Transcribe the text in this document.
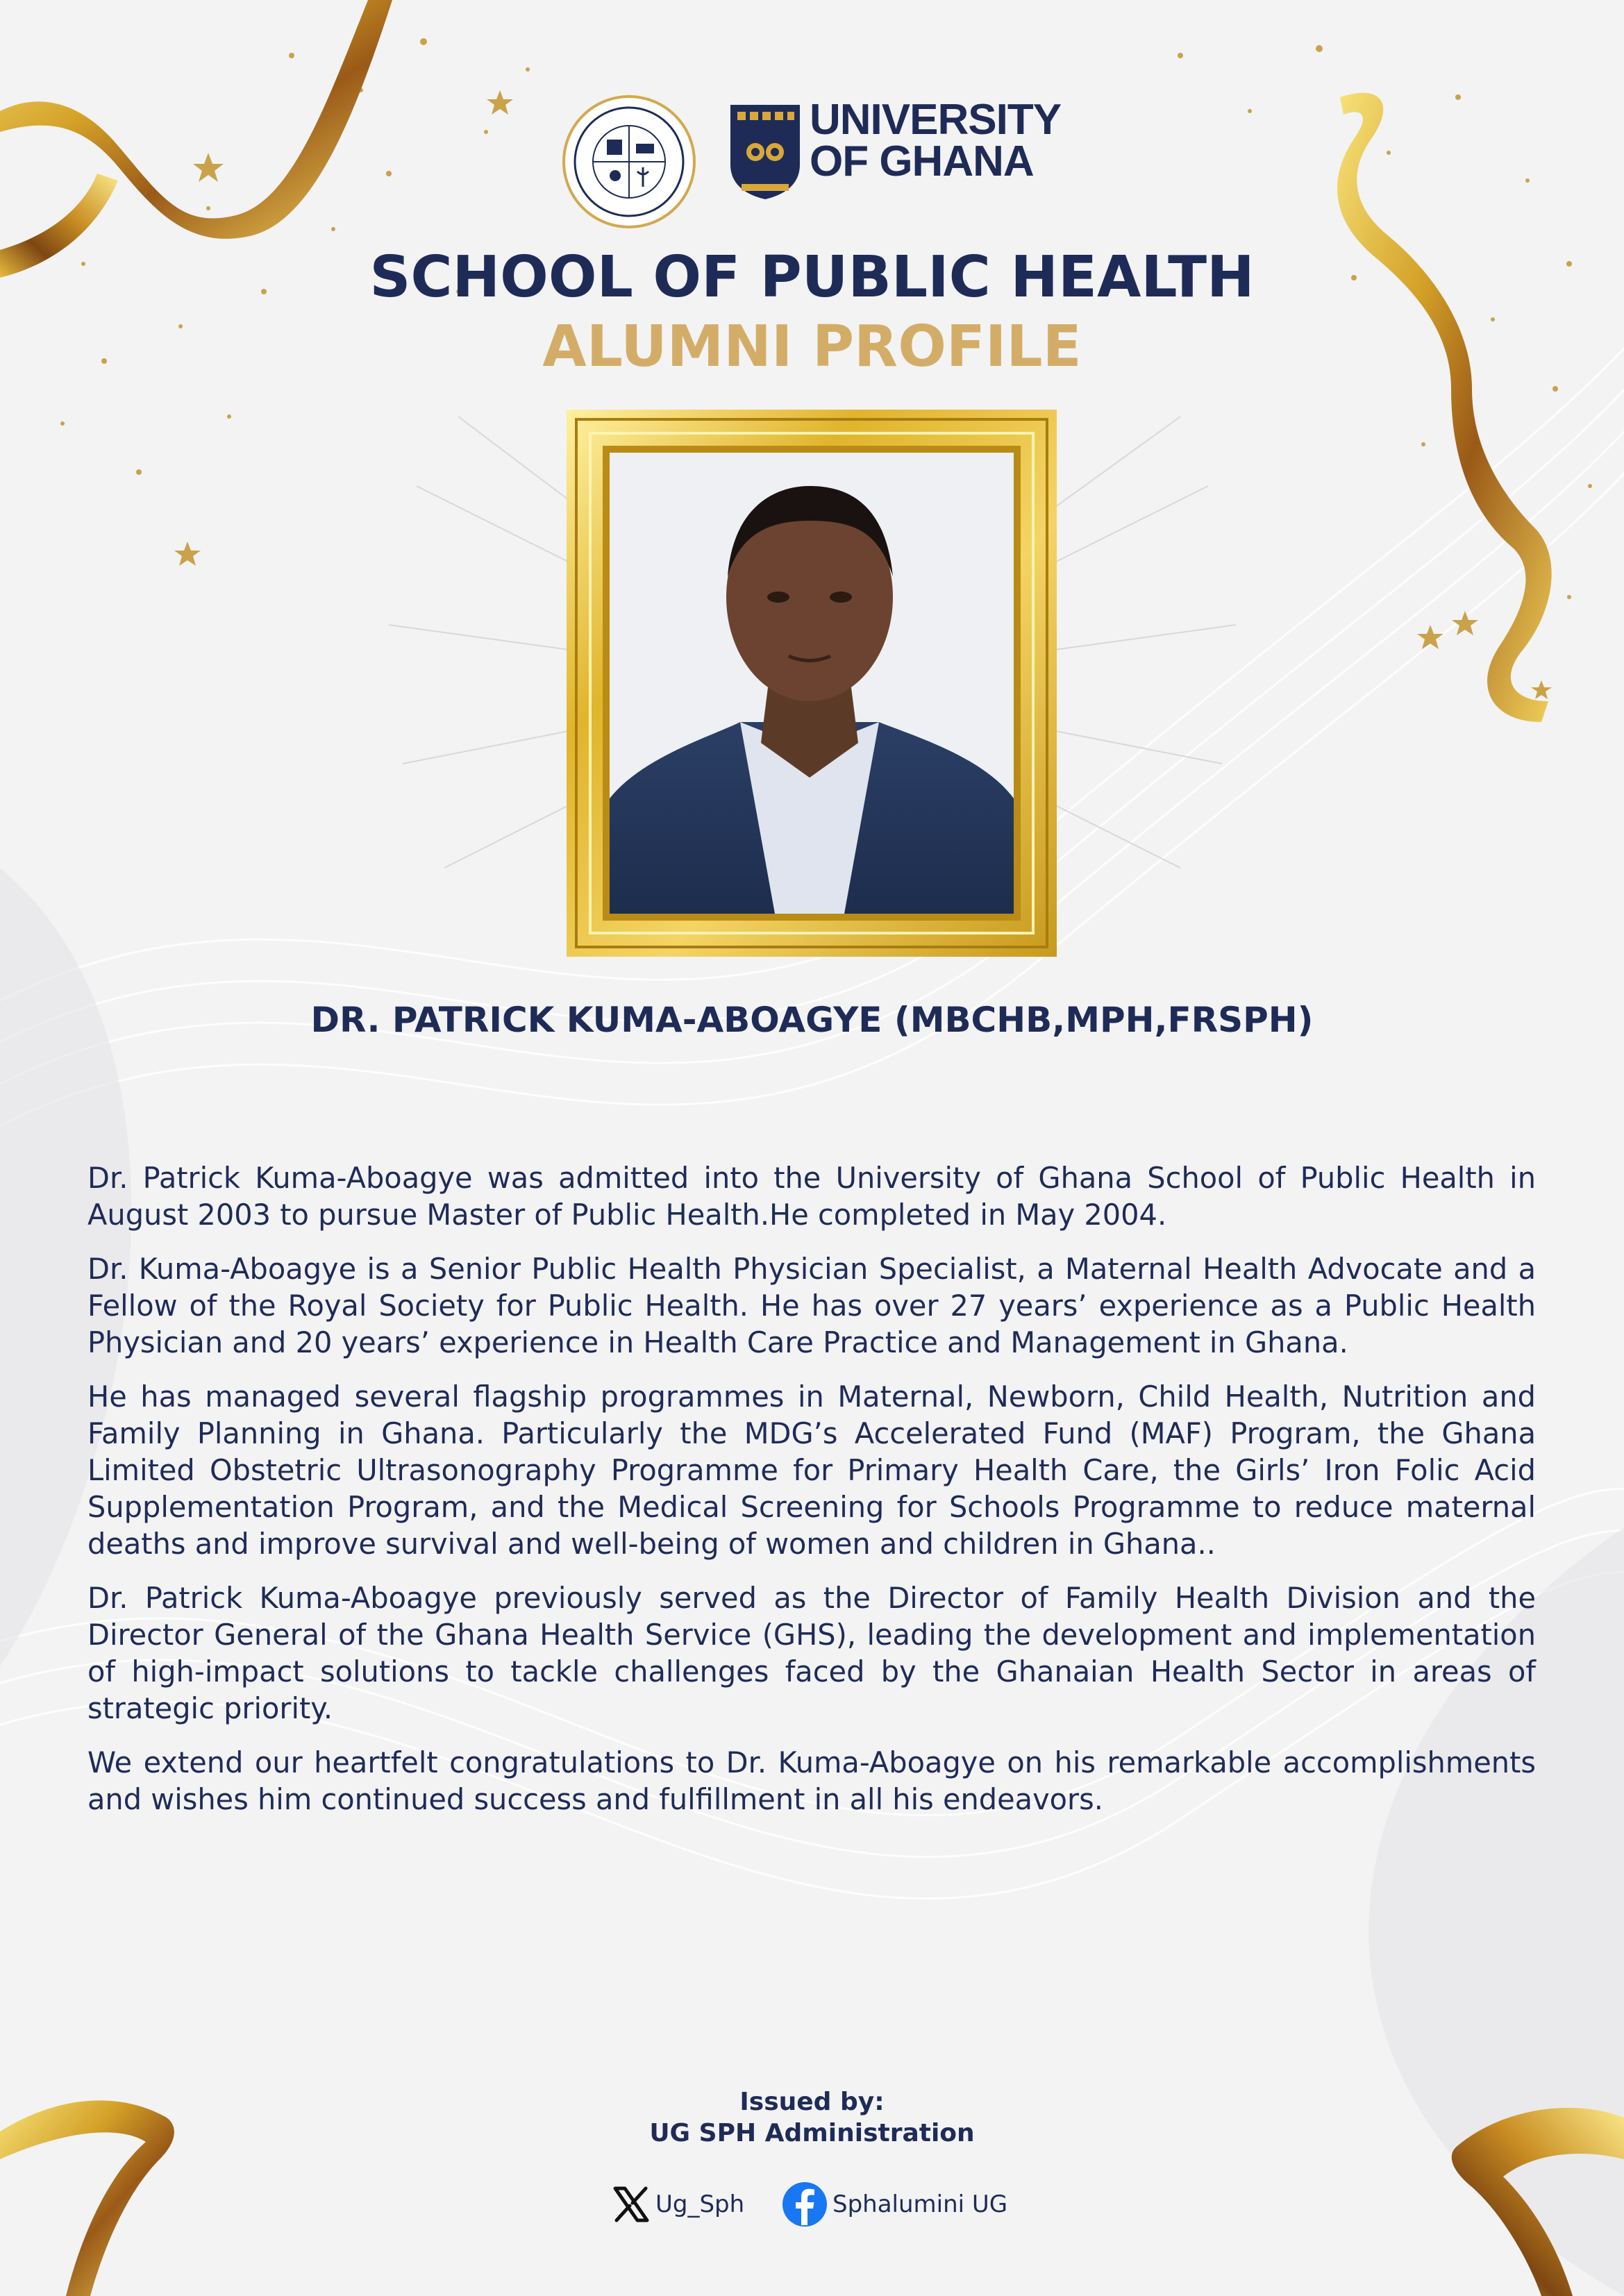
UNIVERSITY
OF GHANA
SCHOOL OF PUBLIC HEALTH
ALUMNI PROFILE
DR. PATRICK KUMA-ABOAGYE (MBCHB,MPH,FRSPH)

Dr. Patrick Kuma-Aboagye was admitted into the University of Ghana School of Public Health in August 2003 to pursue Master of Public Health.He completed in May 2004.

Dr. Kuma-Aboagye is a Senior Public Health Physician Specialist, a Maternal Health Advocate and a Fellow of the Royal Society for Public Health. He has over 27 years’ experience as a Public Health Physician and 20 years’ experience in Health Care Practice and Management in Ghana.

He has managed several flagship programmes in Maternal, Newborn, Child Health, Nutrition and Family Planning in Ghana. Particularly the MDG’s Accelerated Fund (MAF) Program, the Ghana Limited Obstetric Ultrasonography Programme for Primary Health Care, the Girls’ Iron Folic Acid Supplementation Program, and the Medical Screening for Schools Programme to reduce maternal deaths and improve survival and well-being of women and children in Ghana..

Dr. Patrick Kuma-Aboagye previously served as the Director of Family Health Division and the Director General of the Ghana Health Service (GHS), leading the development and implementation of high-impact solutions to tackle challenges faced by the Ghanaian Health Sector in areas of strategic priority.

We extend our heartfelt congratulations to Dr. Kuma-Aboagye on his remarkable accomplishments and wishes him continued success and fulfillment in all his endeavors.

Issued by:
UG SPH Administration
Ug_Sph	Sphalumini UG
